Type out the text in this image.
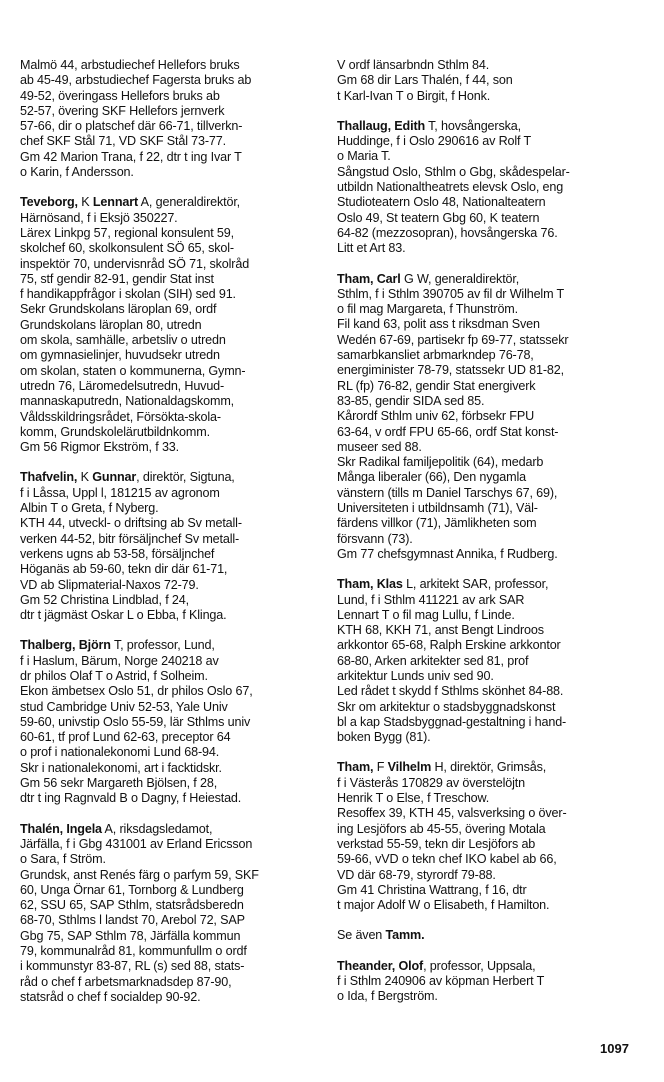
Malmö 44, arbstudiechef Hellefors bruks
ab 45-49, arbstudiechef Fagersta bruks ab
49-52, överingass Hellefors bruks ab
52-57, övering SKF Hellefors jernverk
57-66, dir o platschef där 66-71, tillverkn-
chef SKF Stål 71, VD SKF Stål 73-77.
Gm 42 Marion Trana, f 22, dtr t ing Ivar T
o Karin, f Andersson.

Teveborg, K Lennart A, generaldirektör,
Härnösand, f i Eksjö 350227.
Lärex Linkpg 57, regional konsulent 59,
skolchef 60, skolkonsulent SÖ 65, skol-
inspektör 70, undervisnråd SÖ 71, skolråd
75, stf gendir 82-91, gendir Stat inst
f handikappfrågor i skolan (SIH) sed 91.
Sekr Grundskolans läroplan 69, ordf
Grundskolans läroplan 80, utredn
om skola, samhälle, arbetsliv o utredn
om gymnasielinjer, huvudsekr utredn
om skolan, staten o kommunerna, Gymn-
utredn 76, Läromedelsutredn, Huvud-
mannaskaputredn, Nationaldagskomm,
Våldsskildringsrådet, Försökta-skola-
komm, Grundskolelärutbildnkomm.
Gm 56 Rigmor Ekström, f 33.

Thafvelin, K Gunnar, direktör, Sigtuna,
f i Låssa, Uppl l, 181215 av agronom
Albin T o Greta, f Nyberg.
KTH 44, utveckl- o driftsing ab Sv metall-
verken 44-52, bitr försäljnchef Sv metall-
verkens ugns ab 53-58, försäljnchef
Höganäs ab 59-60, tekn dir där 61-71,
VD ab Slipmaterial-Naxos 72-79.
Gm 52 Christina Lindblad, f 24,
dtr t jägmäst Oskar L o Ebba, f Klinga.

Thalberg, Björn T, professor, Lund,
f i Haslum, Bärum, Norge 240218 av
dr philos Olaf T o Astrid, f Solheim.
Ekon ämbetsex Oslo 51, dr philos Oslo 67,
stud Cambridge Univ 52-53, Yale Univ
59-60, univstip Oslo 55-59, lär Sthlms univ
60-61, tf prof Lund 62-63, preceptor 64
o prof i nationalekonomi Lund 68-94.
Skr i nationalekonomi, art i facktidskr.
Gm 56 sekr Margareth Bjölsen, f 28,
dtr t ing Ragnvald B o Dagny, f Heiestad.

Thalén, Ingela A, riksdagsledamot,
Järfälla, f i Gbg 431001 av Erland Ericsson
o Sara, f Ström.
Grundsk, anst Renés färg o parfym 59, SKF
60, Unga Örnar 61, Tornborg & Lundberg
62, SSU 65, SAP Sthlm, statsrådsberedn
68-70, Sthlms l landst 70, Arebol 72, SAP
Gbg 75, SAP Sthlm 78, Järfälla kommun
79, kommunalråd 81, kommunfullm o ordf
i kommunstyr 83-87, RL (s) sed 88, stats-
råd o chef f arbetsmarknadsdep 87-90,
statsråd o chef f socialdep 90-92.

V ordf länsarbndn Sthlm 84.
Gm 68 dir Lars Thalén, f 44, son
t Karl-Ivan T o Birgit, f Honk.

Thallaug, Edith T, hovsångerska,
Huddinge, f i Oslo 290616 av Rolf T
o Maria T.
Sångstud Oslo, Sthlm o Gbg, skådespelar-
utbildn Nationaltheatrets elevsk Oslo, eng
Studioteatern Oslo 48, Nationalteatern
Oslo 49, St teatern Gbg 60, K teatern
64-82 (mezzosopran), hovsångerska 76.
Litt et Art 83.

Tham, Carl G W, generaldirektör,
Sthlm, f i Sthlm 390705 av fil dr Wilhelm T
o fil mag Margareta, f Thunström.
Fil kand 63, polit ass t riksdman Sven
Wedén 67-69, partisekr fp 69-77, statssekr
samarbkansliet arbmarkndep 76-78,
energiminister 78-79, statssekr UD 81-82,
RL (fp) 76-82, gendir Stat energiverk
83-85, gendir SIDA sed 85.
Kårordf Sthlm univ 62, förbsekr FPU
63-64, v ordf FPU 65-66, ordf Stat konst-
museer sed 88.
Skr Radikal familjepolitik (64), medarb
Många liberaler (66), Den nygamla
vänstern (tills m Daniel Tarschys 67, 69),
Universiteten i utbildnsamh (71), Väl-
färdens villkor (71), Jämlikheten som
försvann (73).
Gm 77 chefsgymnast Annika, f Rudberg.

Tham, Klas L, arkitekt SAR, professor,
Lund, f i Sthlm 411221 av ark SAR
Lennart T o fil mag Lullu, f Linde.
KTH 68, KKH 71, anst Bengt Lindroos
arkkontor 65-68, Ralph Erskine arkkontor
68-80, Arken arkitekter sed 81, prof
arkitektur Lunds univ sed 90.
Led rådet t skydd f Sthlms skönhet 84-88.
Skr om arkitektur o stadsbyggnadskonst
bl a kap Stadsbyggnad-gestaltning i hand-
boken Bygg (81).

Tham, F Vilhelm H, direktör, Grimsås,
f i Västerås 170829 av överstelöjtn
Henrik T o Else, f Treschow.
Resoffex 39, KTH 45, valsverksing o över-
ing Lesjöfors ab 45-55, övering Motala
verkstad 55-59, tekn dir Lesjöfors ab
59-66, vVD o tekn chef IKO kabel ab 66,
VD där 68-79, styrordf 79-88.
Gm 41 Christina Wattrang, f 16, dtr
t major Adolf W o Elisabeth, f Hamilton.

Se även Tamm.

Theander, Olof, professor, Uppsala,
f i Sthlm 240906 av köpman Herbert T
o Ida, f Bergström.

1097
